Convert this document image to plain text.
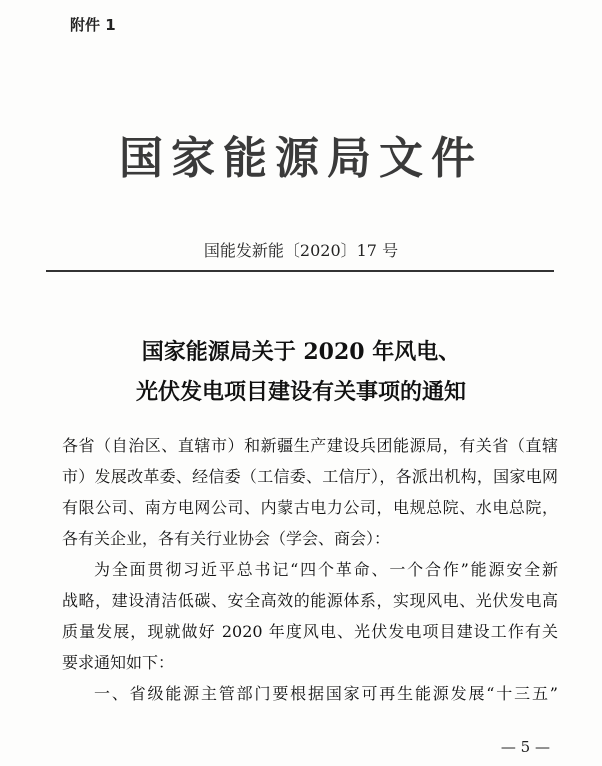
附件 1
国家能源局文件
国能发新能〔2020〕17 号
国家能源局关于 2020 年风电、
光伏发电项目建设有关事项的通知
各省（自治区、直辖市）和新疆生产建设兵团能源局，有关省（直辖
市）发展改革委、经信委（工信委、工信厅），各派出机构，国家电网
有限公司、南方电网公司、内蒙古电力公司，电规总院、水电总院，
各有关企业，各有关行业协会（学会、商会）：
为全面贯彻习近平总书记“四个革命、一个合作”能源安全新
战略，建设清洁低碳、安全高效的能源体系，实现风电、光伏发电高
质量发展，现就做好 2020 年度风电、光伏发电项目建设工作有关
要求通知如下：
一、省级能源主管部门要根据国家可再生能源发展“十三五”
— 5 —
